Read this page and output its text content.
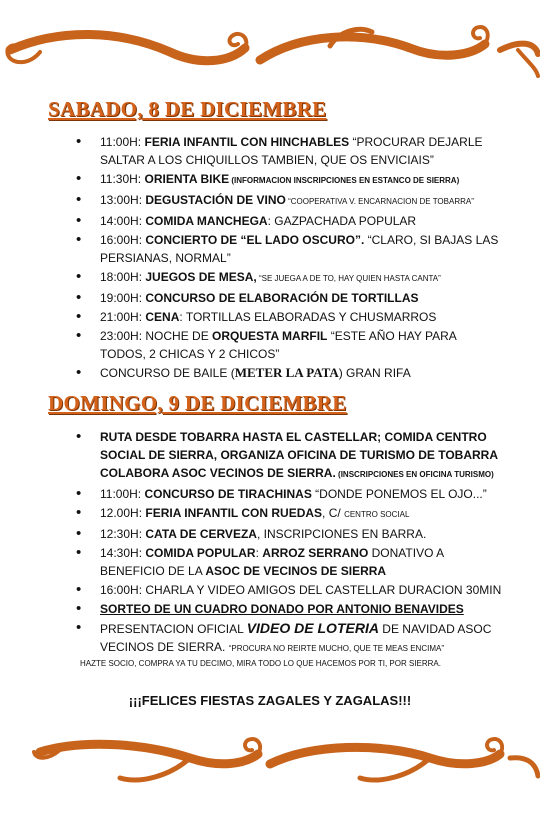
SABADO, 8 DE DICIEMBRE
• 11:00H: FERIA INFANTIL CON HINCHABLES “PROCURAR DEJARLE SALTAR A LOS CHIQUILLOS TAMBIEN, QUE OS ENVICIAIS”
• 11:30H: ORIENTA BIKE (INFORMACION INSCRIPCIONES EN ESTANCO DE SIERRA)
• 13:00H: DEGUSTACIÓN DE VINO “COOPERATIVA V. ENCARNACION DE TOBARRA”
• 14:00H: COMIDA MANCHEGA: GAZPACHADA POPULAR
• 16:00H: CONCIERTO DE “EL LADO OSCURO”. “CLARO, SI BAJAS LAS PERSIANAS, NORMAL”
• 18:00H: JUEGOS DE MESA, “SE JUEGA A DE TO, HAY QUIEN HASTA CANTA”
• 19:00H: CONCURSO DE ELABORACIÓN DE TORTILLAS
• 21:00H: CENA: TORTILLAS ELABORADAS Y CHUSMARROS
• 23:00H: NOCHE DE ORQUESTA MARFIL “ESTE AÑO HAY PARA TODOS, 2 CHICAS Y 2 CHICOS”
• CONCURSO DE BAILE (METER LA PATA) GRAN RIFA
DOMINGO, 9 DE DICIEMBRE
• RUTA DESDE TOBARRA HASTA EL CASTELLAR; COMIDA CENTRO SOCIAL DE SIERRA, ORGANIZA OFICINA DE TURISMO DE TOBARRA COLABORA ASOC VECINOS DE SIERRA. (INSCRIPCIONES EN OFICINA TURISMO)
• 11:00H: CONCURSO DE TIRACHINAS “DONDE PONEMOS EL OJO...”
• 12.00H: FERIA INFANTIL CON RUEDAS, C/ CENTRO SOCIAL
• 12:30H: CATA DE CERVEZA, INSCRIPCIONES EN BARRA.
• 14:30H: COMIDA POPULAR: ARROZ SERRANO DONATIVO A BENEFICIO DE LA ASOC DE VECINOS DE SIERRA
• 16:00H: CHARLA Y VIDEO AMIGOS DEL CASTELLAR DURACION 30MIN
• SORTEO DE UN CUADRO DONADO POR ANTONIO BENAVIDES
• PRESENTACION OFICIAL VIDEO DE LOTERIA DE NAVIDAD ASOC VECINOS DE SIERRA. “PROCURA NO REIRTE MUCHO, QUE TE MEAS ENCIMA”
HAZTE SOCIO, COMPRA YA TU DECIMO, MIRA TODO LO QUE HACEMOS POR TI, POR SIERRA.
¡¡¡FELICES FIESTAS ZAGALES Y ZAGALAS!!!
